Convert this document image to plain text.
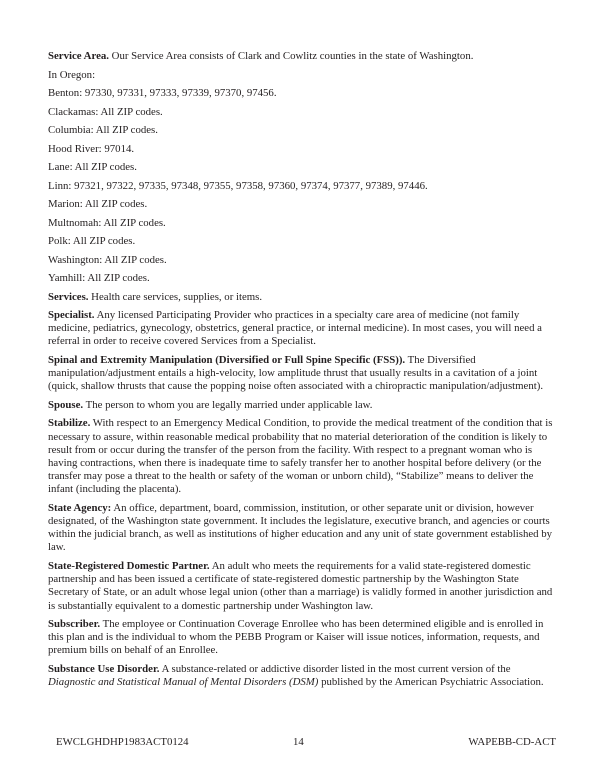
Service Area. Our Service Area consists of Clark and Cowlitz counties in the state of Washington.

In Oregon:

Benton: 97330, 97331, 97333, 97339, 97370, 97456.

Clackamas: All ZIP codes.

Columbia: All ZIP codes.

Hood River: 97014.

Lane: All ZIP codes.

Linn: 97321, 97322, 97335, 97348, 97355, 97358, 97360, 97374, 97377, 97389, 97446.

Marion: All ZIP codes.

Multnomah: All ZIP codes.

Polk: All ZIP codes.

Washington: All ZIP codes.

Yamhill: All ZIP codes.

Services. Health care services, supplies, or items.

Specialist. Any licensed Participating Provider who practices in a specialty care area of medicine (not family medicine, pediatrics, gynecology, obstetrics, general practice, or internal medicine). In most cases, you will need a referral in order to receive covered Services from a Specialist.

Spinal and Extremity Manipulation (Diversified or Full Spine Specific (FSS)). The Diversified manipulation/adjustment entails a high-velocity, low amplitude thrust that usually results in a cavitation of a joint (quick, shallow thrusts that cause the popping noise often associated with a chiropractic manipulation/adjustment).

Spouse. The person to whom you are legally married under applicable law.

Stabilize. With respect to an Emergency Medical Condition, to provide the medical treatment of the condition that is necessary to assure, within reasonable medical probability that no material deterioration of the condition is likely to result from or occur during the transfer of the person from the facility. With respect to a pregnant woman who is having contractions, when there is inadequate time to safely transfer her to another hospital before delivery (or the transfer may pose a threat to the health or safety of the woman or unborn child), “Stabilize” means to deliver the infant (including the placenta).

State Agency: An office, department, board, commission, institution, or other separate unit or division, however designated, of the Washington state government. It includes the legislature, executive branch, and agencies or courts within the judicial branch, as well as institutions of higher education and any unit of state government established by law.

State-Registered Domestic Partner. An adult who meets the requirements for a valid state-registered domestic partnership and has been issued a certificate of state-registered domestic partnership by the Washington State Secretary of State, or an adult whose legal union (other than a marriage) is validly formed in another jurisdiction and is substantially equivalent to a domestic partnership under Washington law.

Subscriber. The employee or Continuation Coverage Enrollee who has been determined eligible and is enrolled in this plan and is the individual to whom the PEBB Program or Kaiser will issue notices, information, requests, and premium bills on behalf of an Enrollee.

Substance Use Disorder. A substance-related or addictive disorder listed in the most current version of the Diagnostic and Statistical Manual of Mental Disorders (DSM) published by the American Psychiatric Association.

EWCLGHDHP1983ACT0124	14	WAPEBB-CD-ACT
